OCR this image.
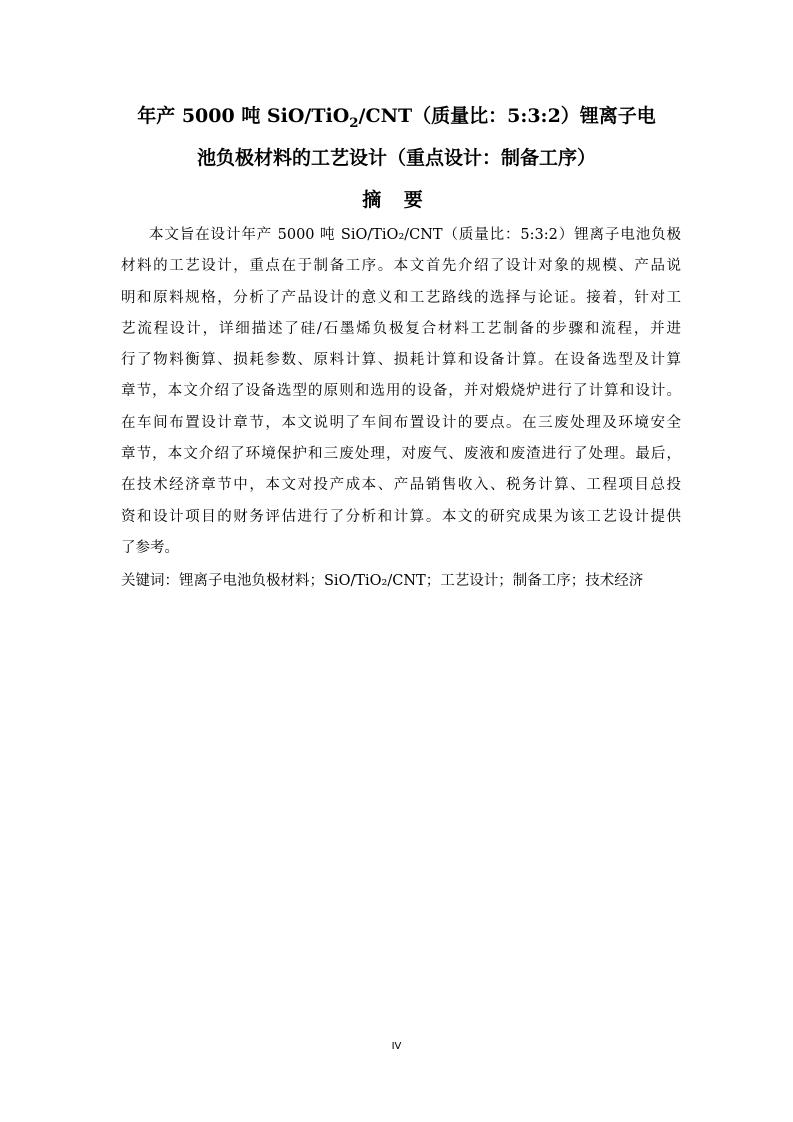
年产 5000 吨 SiO/TiO$_2$/CNT（质量比：5:3:2）锂离子电
池负极材料的工艺设计（重点设计：制备工序）
摘 要
本文旨在设计年产 5000 吨 SiO/TiO₂/CNT（质量比：5:3:2）锂离子电池负极
材料的工艺设计，重点在于制备工序。本文首先介绍了设计对象的规模、产品说
明和原料规格，分析了产品设计的意义和工艺路线的选择与论证。接着，针对工
艺流程设计，详细描述了硅/石墨烯负极复合材料工艺制备的步骤和流程，并进
行了物料衡算、损耗参数、原料计算、损耗计算和设备计算。在设备选型及计算
章节，本文介绍了设备选型的原则和选用的设备，并对煅烧炉进行了计算和设计。
在车间布置设计章节，本文说明了车间布置设计的要点。在三废处理及环境安全
章节，本文介绍了环境保护和三废处理，对废气、废液和废渣进行了处理。最后，
在技术经济章节中，本文对投产成本、产品销售收入、税务计算、工程项目总投
资和设计项目的财务评估进行了分析和计算。本文的研究成果为该工艺设计提供
了参考。
关键词：锂离子电池负极材料；SiO/TiO₂/CNT；工艺设计；制备工序；技术经济
IV
